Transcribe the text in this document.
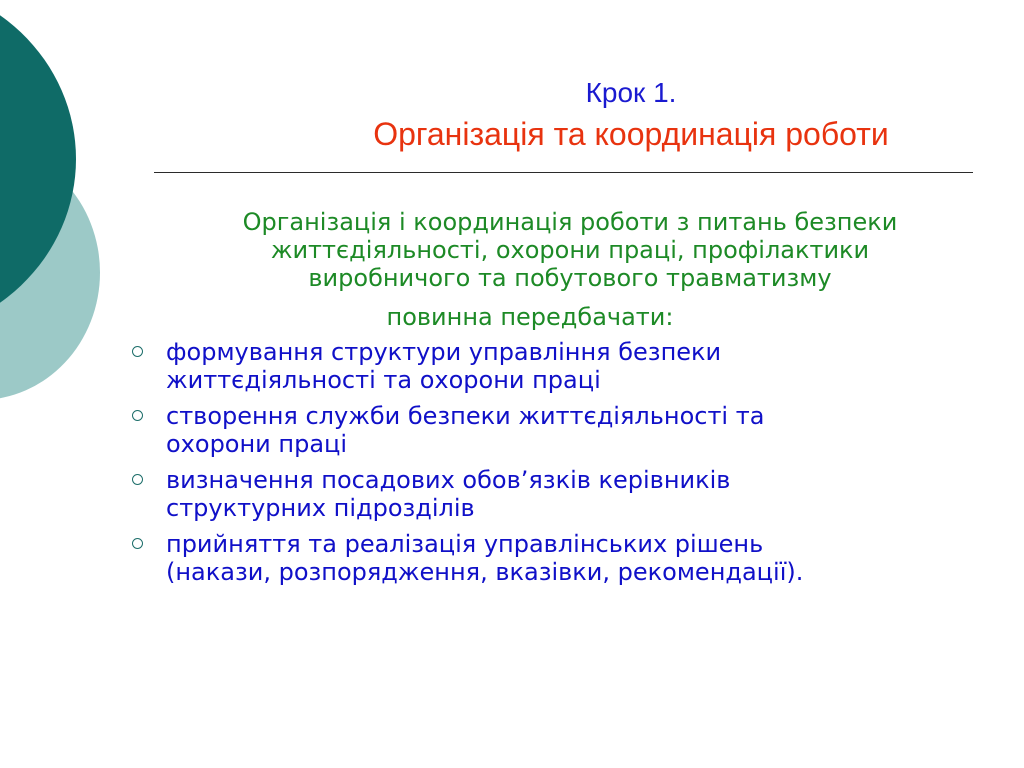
Крок 1.
Організація та координація роботи
Організація і координація роботи з питань безпеки
життєдіяльності, охорони праці, профілактики
виробничого та побутового травматизму
повинна передбачати:
формування структури управління безпеки
життєдіяльності та охорони праці
створення служби безпеки життєдіяльності та
охорони праці
визначення посадових обов’язків керівників
структурних підрозділів
прийняття та реалізація управлінських рішень
(накази, розпорядження, вказівки, рекомендації).
